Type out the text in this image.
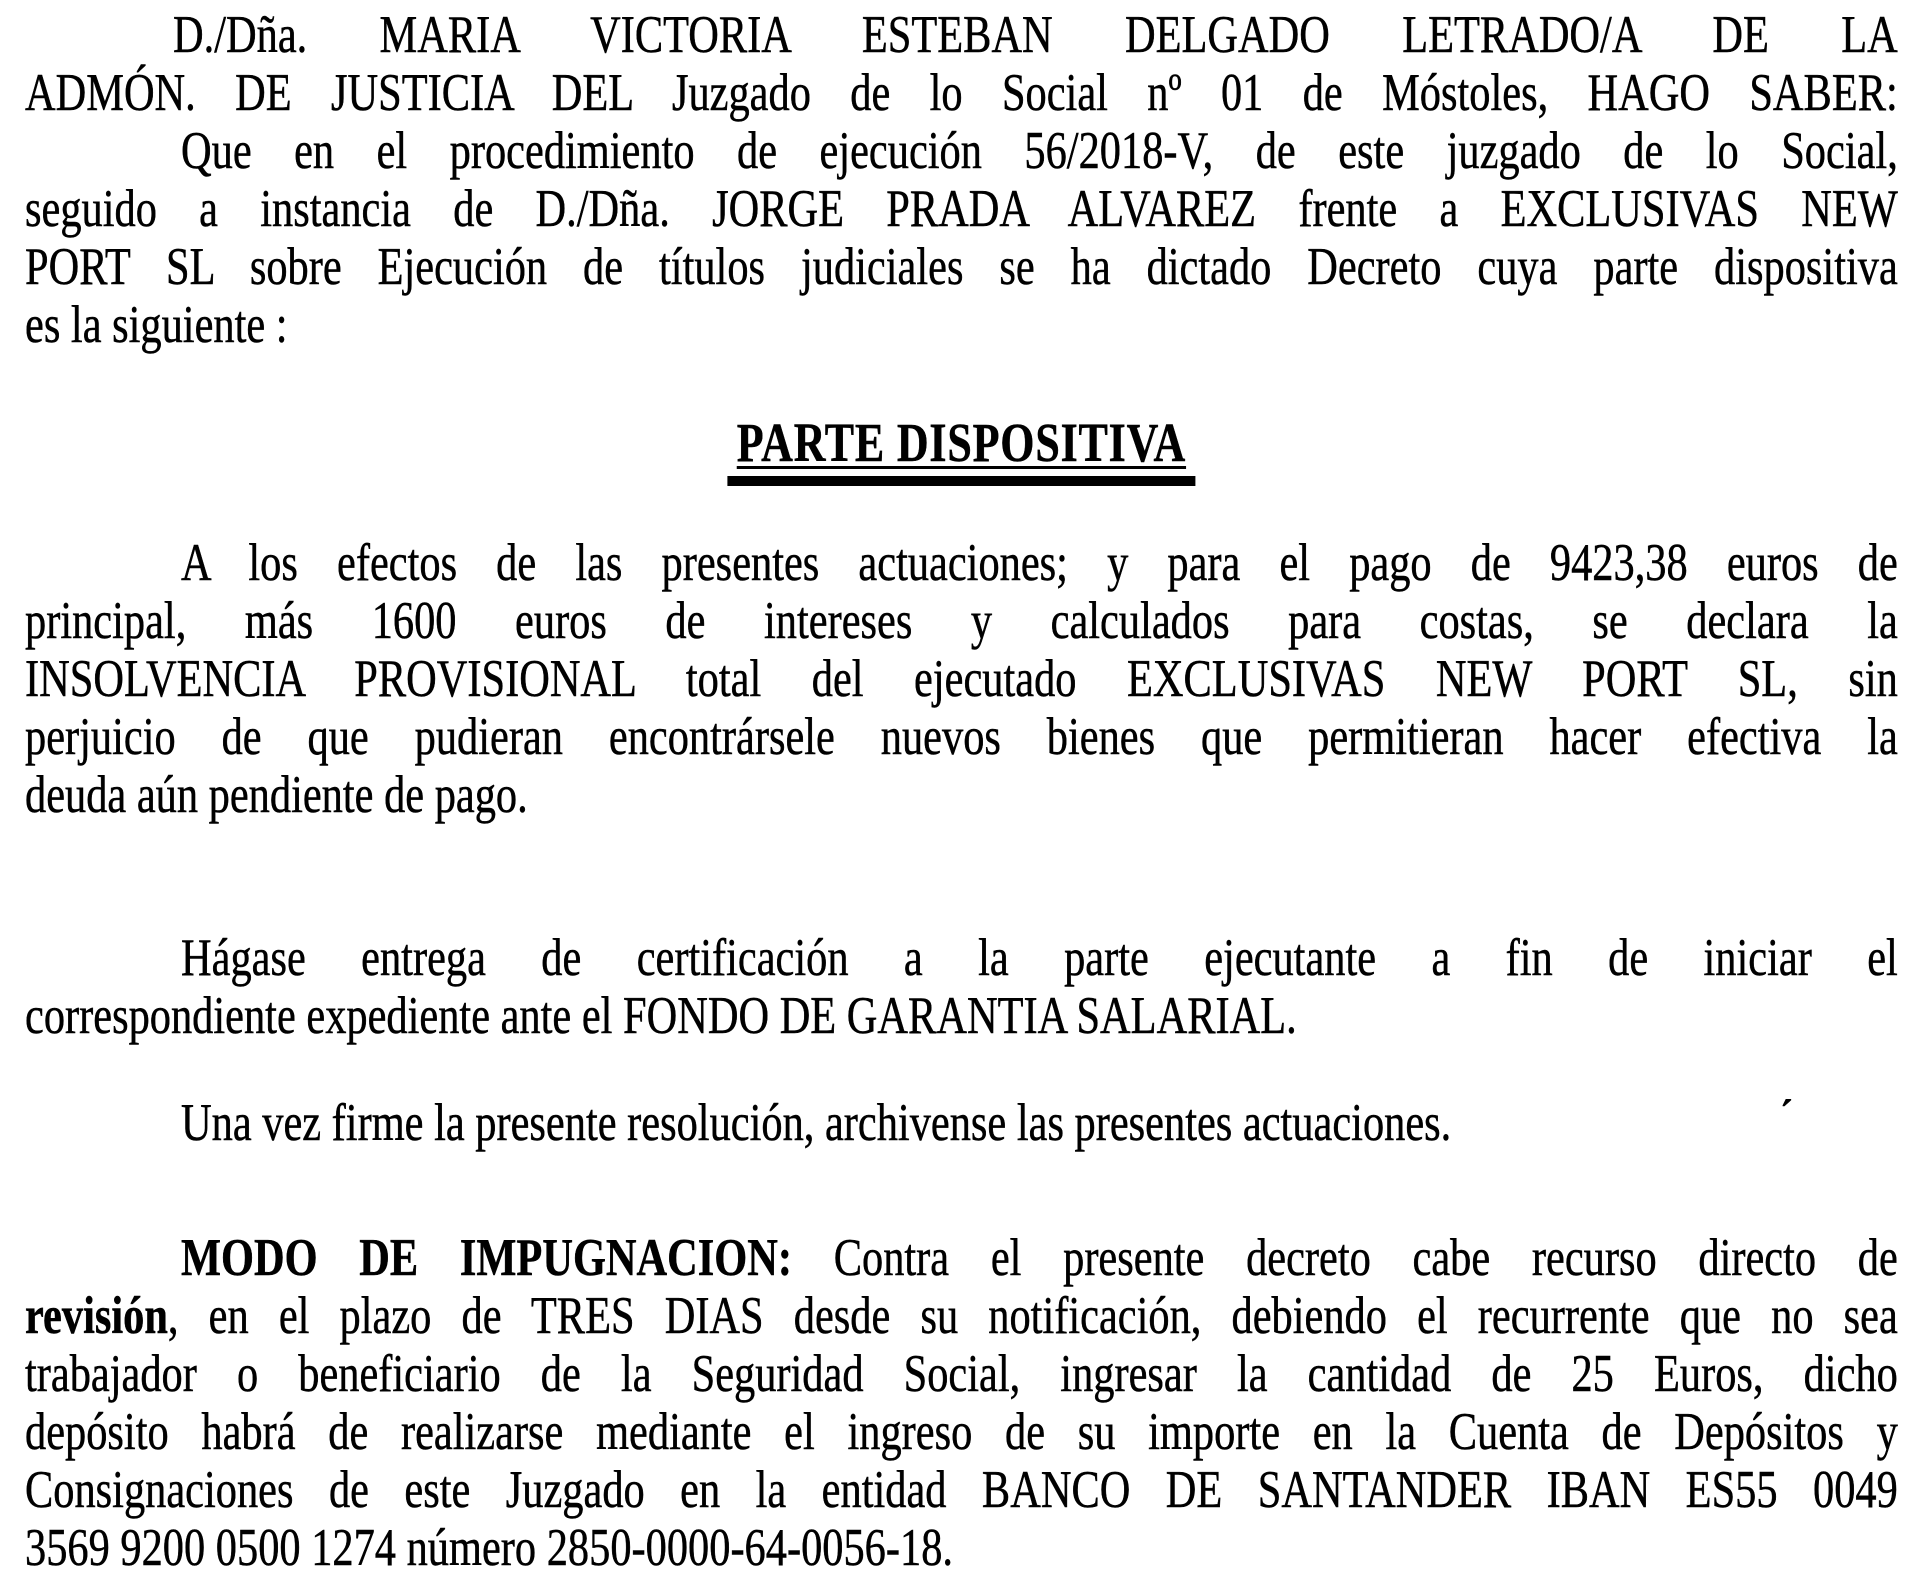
D./Dña. MARIA VICTORIA ESTEBAN DELGADO LETRADO/A DE LA
ADMÓN. DE JUSTICIA DEL Juzgado de lo Social nº 01 de Móstoles, HAGO SABER:
Que en el procedimiento de ejecución 56/2018-V, de este juzgado de lo Social,
seguido a instancia de D./Dña. JORGE PRADA ALVAREZ frente a EXCLUSIVAS NEW
PORT SL sobre Ejecución de títulos judiciales se ha dictado Decreto cuya parte dispositiva
es la siguiente :
PARTE DISPOSITIVA
A los efectos de las presentes actuaciones; y para el pago de 9423,38 euros de
principal, más 1600 euros de intereses y calculados para costas, se declara la
INSOLVENCIA PROVISIONAL total del ejecutado EXCLUSIVAS NEW PORT SL, sin
perjuicio de que pudieran encontrársele nuevos bienes que permitieran hacer efectiva la
deuda aún pendiente de pago.
Hágase entrega de certificación a la parte ejecutante a fin de iniciar el
correspondiente expediente ante el FONDO DE GARANTIA SALARIAL.
Una vez firme la presente resolución, archivense las presentes actuaciones.
MODO DE IMPUGNACION: Contra el presente decreto cabe recurso directo de
revisión, en el plazo de TRES DIAS desde su notificación, debiendo el recurrente que no sea
trabajador o beneficiario de la Seguridad Social, ingresar la cantidad de 25 Euros, dicho
depósito habrá de realizarse mediante el ingreso de su importe en la Cuenta de Depósitos y
Consignaciones de este Juzgado en la entidad BANCO DE SANTANDER IBAN ES55 0049
3569 9200 0500 1274 número 2850-0000-64-0056-18.
´
